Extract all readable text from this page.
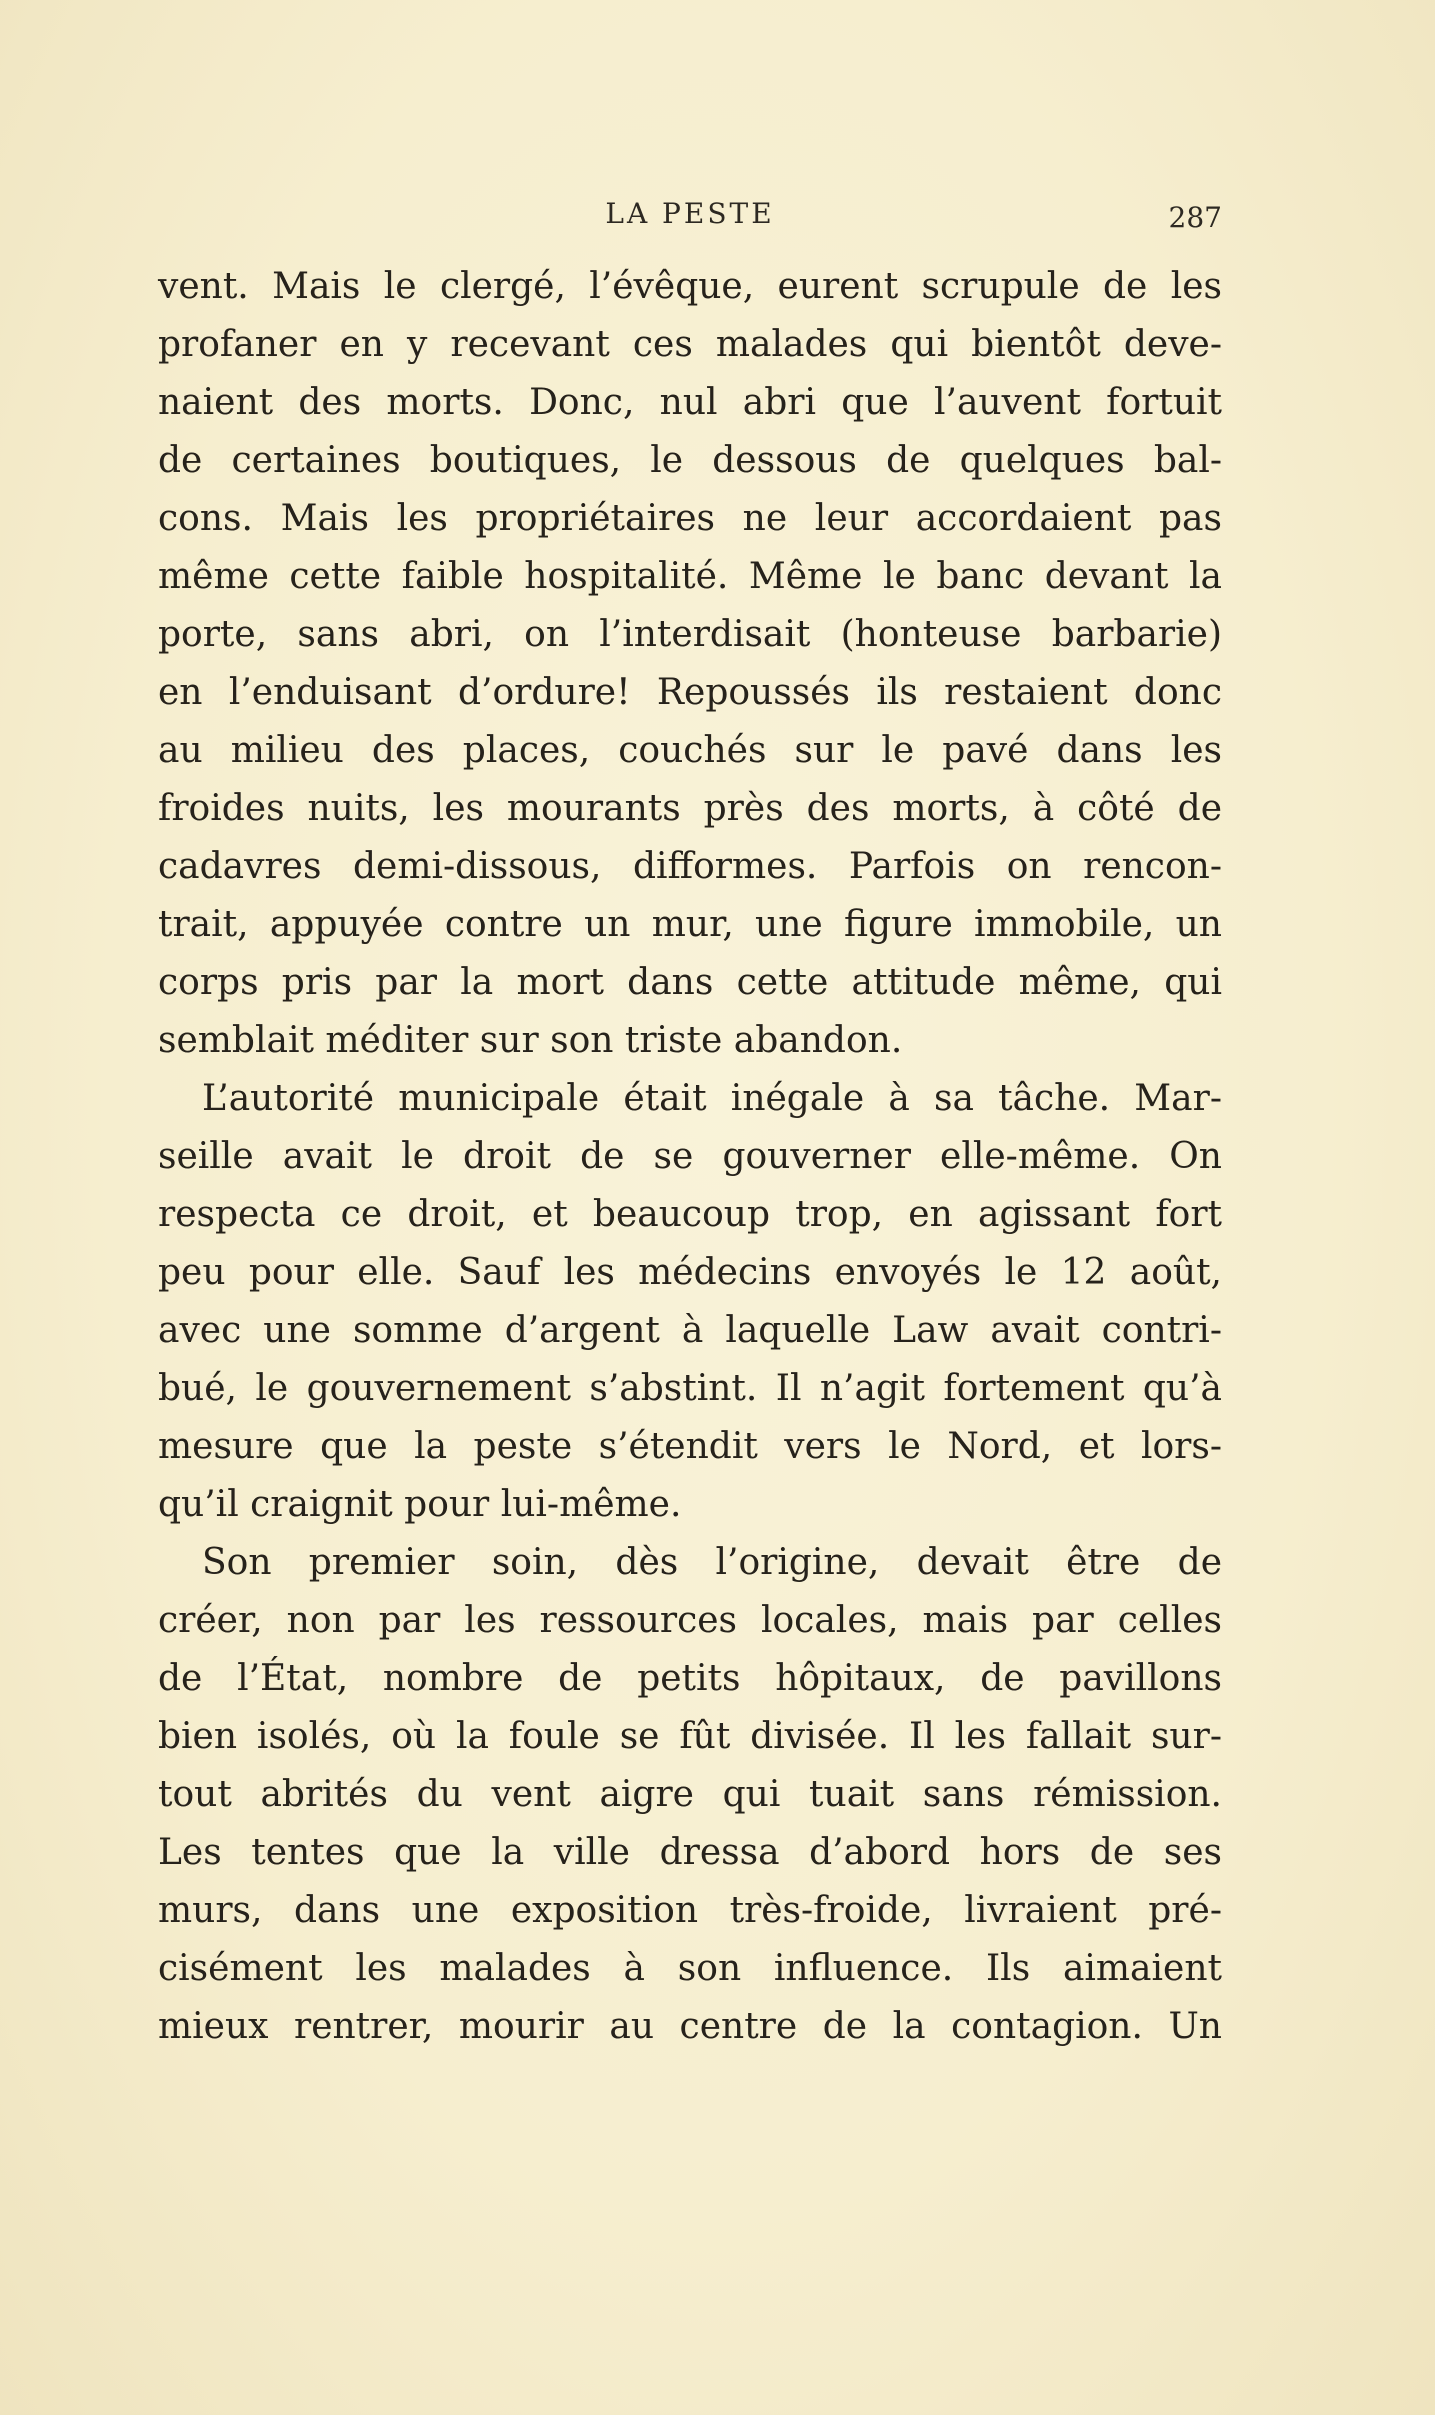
LA PESTE	287
vent. Mais le clergé, l’évêque, eurent scrupule de les
profaner en y recevant ces malades qui bientôt deve-
naient des morts. Donc, nul abri que l’auvent fortuit
de certaines boutiques, le dessous de quelques bal-
cons. Mais les propriétaires ne leur accordaient pas
même cette faible hospitalité. Même le banc devant la
porte, sans abri, on l’interdisait (honteuse barbarie)
en l’enduisant d’ordure! Repoussés ils restaient donc
au milieu des places, couchés sur le pavé dans les
froides nuits, les mourants près des morts, à côté de
cadavres demi-dissous, difformes. Parfois on rencon-
trait, appuyée contre un mur, une figure immobile, un
corps pris par la mort dans cette attitude même, qui
semblait méditer sur son triste abandon.
L’autorité municipale était inégale à sa tâche. Mar-
seille avait le droit de se gouverner elle-même. On
respecta ce droit, et beaucoup trop, en agissant fort
peu pour elle. Sauf les médecins envoyés le 12 août,
avec une somme d’argent à laquelle Law avait contri-
bué, le gouvernement s’abstint. Il n’agit fortement qu’à
mesure que la peste s’étendit vers le Nord, et lors-
qu’il craignit pour lui-même.
Son premier soin, dès l’origine, devait être de
créer, non par les ressources locales, mais par celles
de l’État, nombre de petits hôpitaux, de pavillons
bien isolés, où la foule se fût divisée. Il les fallait sur-
tout abrités du vent aigre qui tuait sans rémission.
Les tentes que la ville dressa d’abord hors de ses
murs, dans une exposition très-froide, livraient pré-
cisément les malades à son influence. Ils aimaient
mieux rentrer, mourir au centre de la contagion. Un
